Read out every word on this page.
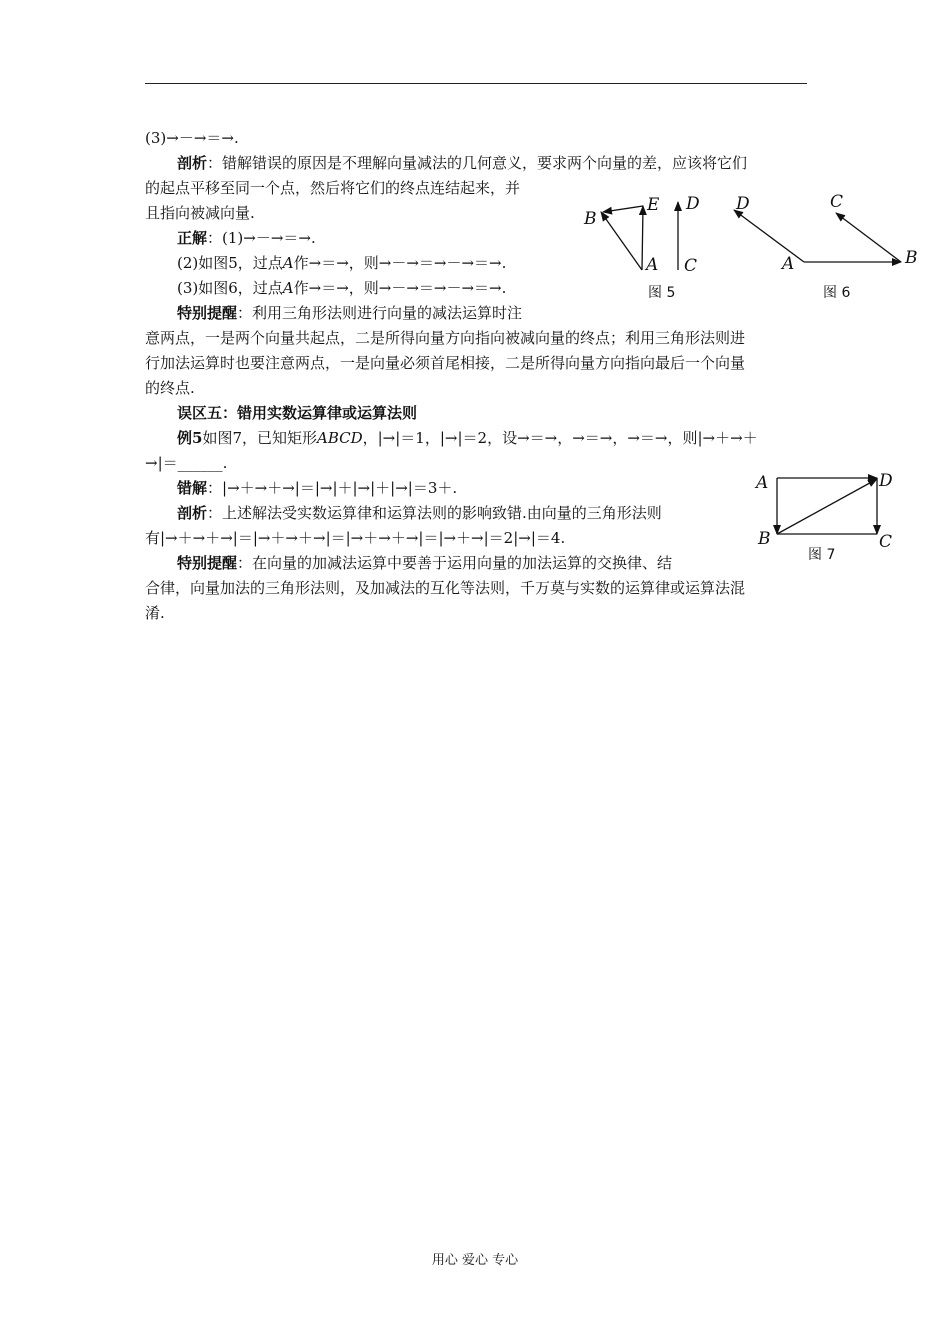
(3)→－→＝→.
剖析：错解错误的原因是不理解向量减法的几何意义，要求两个向量的差，应该将它们
的起点平移至同一个点，然后将它们的终点连结起来，并
且指向被减向量.
正解：(1)→－→＝→.
(2)如图5，过点A作→＝→，则→－→＝→－→＝→.
(3)如图6，过点A作→＝→，则→－→＝→－→＝→.
特别提醒：利用三角形法则进行向量的减法运算时注
意两点，一是两个向量共起点，二是所得向量方向指向被减向量的终点；利用三角形法则进
行加法运算时也要注意两点，一是向量必须首尾相接，二是所得向量方向指向最后一个向量
的终点.
误区五：错用实数运算律或运算法则
例5如图7，已知矩形ABCD，|→|＝1，|→|＝2，设→＝→，→＝→，→＝→，则|→＋→＋
→|＝______.
错解：|→＋→＋→|＝|→|＋|→|＋|→|＝3＋.
剖析：上述解法受实数运算律和运算法则的影响致错.由向量的三角形法则
有|→＋→＋→|＝|→＋→＋→|＝|→＋→＋→|＝|→＋→|＝2|→|＝4.
特别提醒：在向量的加减法运算中要善于运用向量的加法运算的交换律、结
合律，向量加法的三角形法则，及加减法的互化等法则，千万莫与实数的运算律或运算法混
淆.
B
E
A
D
C
图 5
D
A
C
B
图 6
A	D
B	C
图 7
用心 爱心 专心
